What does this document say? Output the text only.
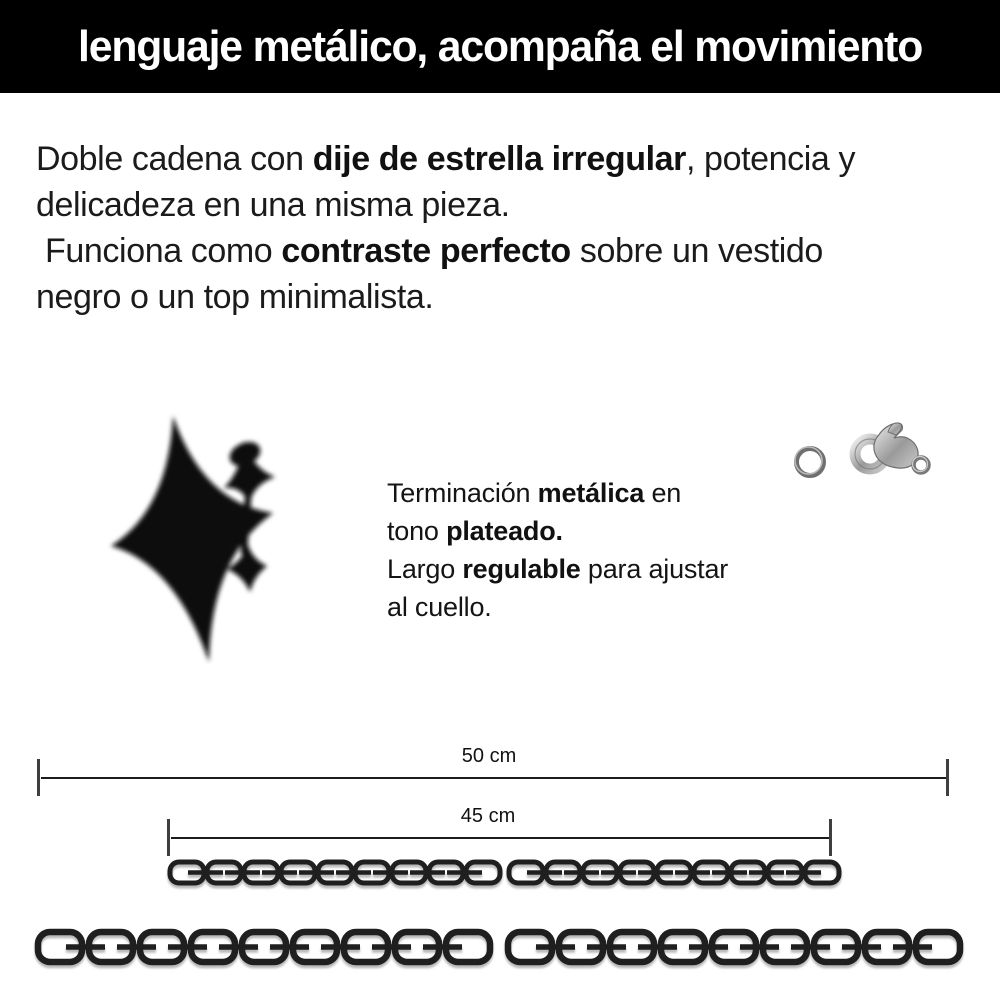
lenguaje metálico, acompaña el movimiento
Doble cadena con dije de estrella irregular, potencia y
delicadeza en una misma pieza.
Funciona como contraste perfecto sobre un vestido
negro o un top minimalista.
Terminación metálica en
tono plateado.
Largo regulable para ajustar
al cuello.
50 cm
45 cm
